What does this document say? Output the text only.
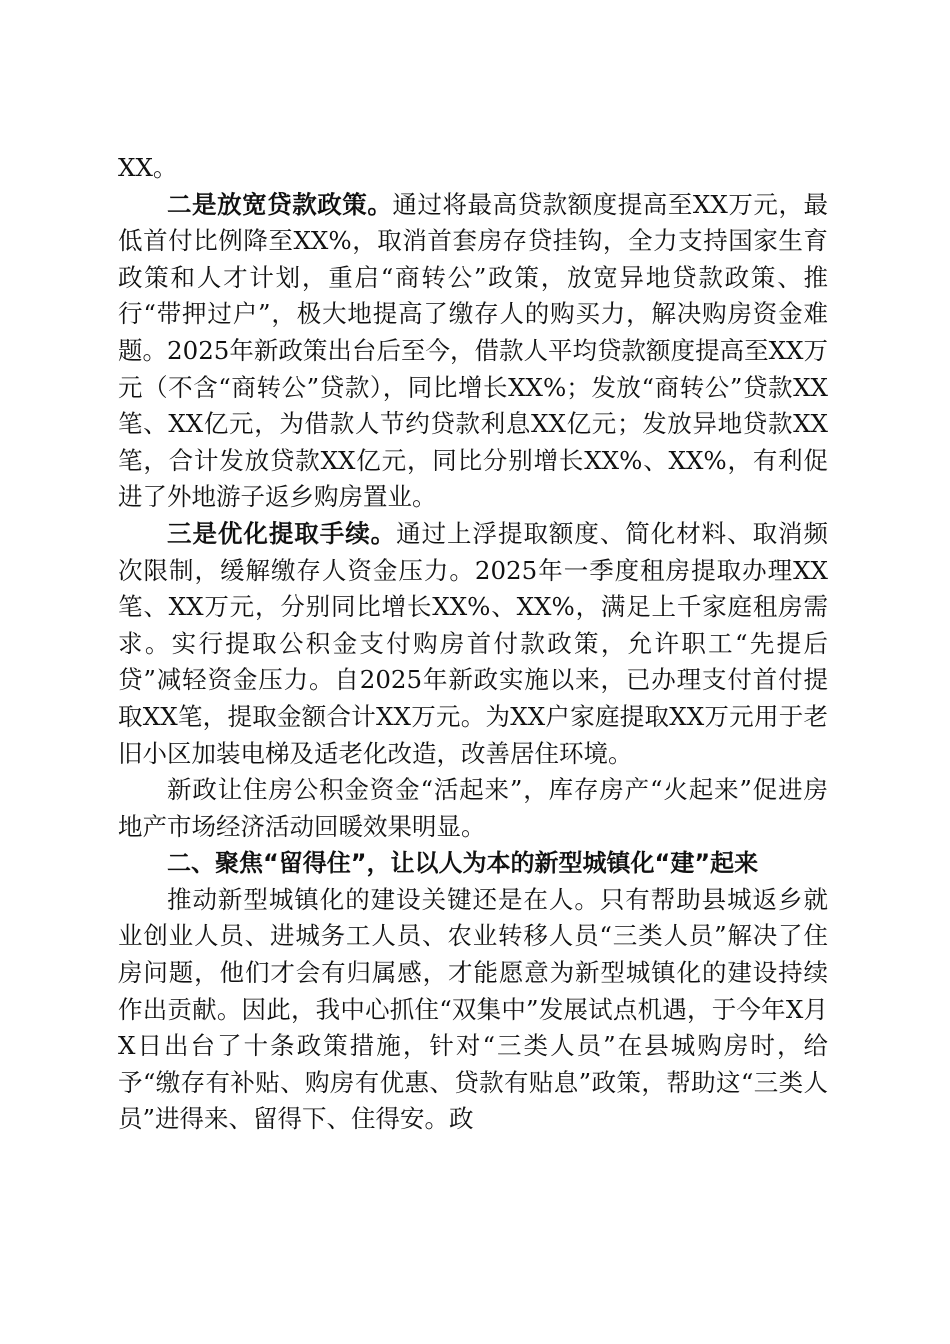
XX。

二是放宽贷款政策。通过将最高贷款额度提高至XX万元，最低首付比例降至XX%，取消首套房存贷挂钩，全力支持国家生育政策和人才计划，重启“商转公”政策，放宽异地贷款政策、推行“带押过户”，极大地提高了缴存人的购买力，解决购房资金难题。2025年新政策出台后至今，借款人平均贷款额度提高至XX万元（不含“商转公”贷款），同比增长XX%；发放“商转公”贷款XX笔、XX亿元，为借款人节约贷款利息XX亿元；发放异地贷款XX笔，合计发放贷款XX亿元，同比分别增长XX%、XX%，有利促进了外地游子返乡购房置业。

三是优化提取手续。通过上浮提取额度、简化材料、取消频次限制，缓解缴存人资金压力。2025年一季度租房提取办理XX笔、XX万元，分别同比增长XX%、XX%，满足上千家庭租房需求。实行提取公积金支付购房首付款政策，允许职工“先提后贷”减轻资金压力。自2025年新政实施以来，已办理支付首付提取XX笔，提取金额合计XX万元。为XX户家庭提取XX万元用于老旧小区加装电梯及适老化改造，改善居住环境。

新政让住房公积金资金“活起来”，库存房产“火起来”促进房地产市场经济活动回暖效果明显。

二、聚焦“留得住”，让以人为本的新型城镇化“建”起来

推动新型城镇化的建设关键还是在人。只有帮助县城返乡就业创业人员、进城务工人员、农业转移人员“三类人员”解决了住房问题，他们才会有归属感，才能愿意为新型城镇化的建设持续作出贡献。因此，我中心抓住“双集中”发展试点机遇，于今年X月X日出台了十条政策措施，针对“三类人员”在县城购房时，给予“缴存有补贴、购房有优惠、贷款有贴息”政策，帮助这“三类人员”进得来、留得下、住得安。政
